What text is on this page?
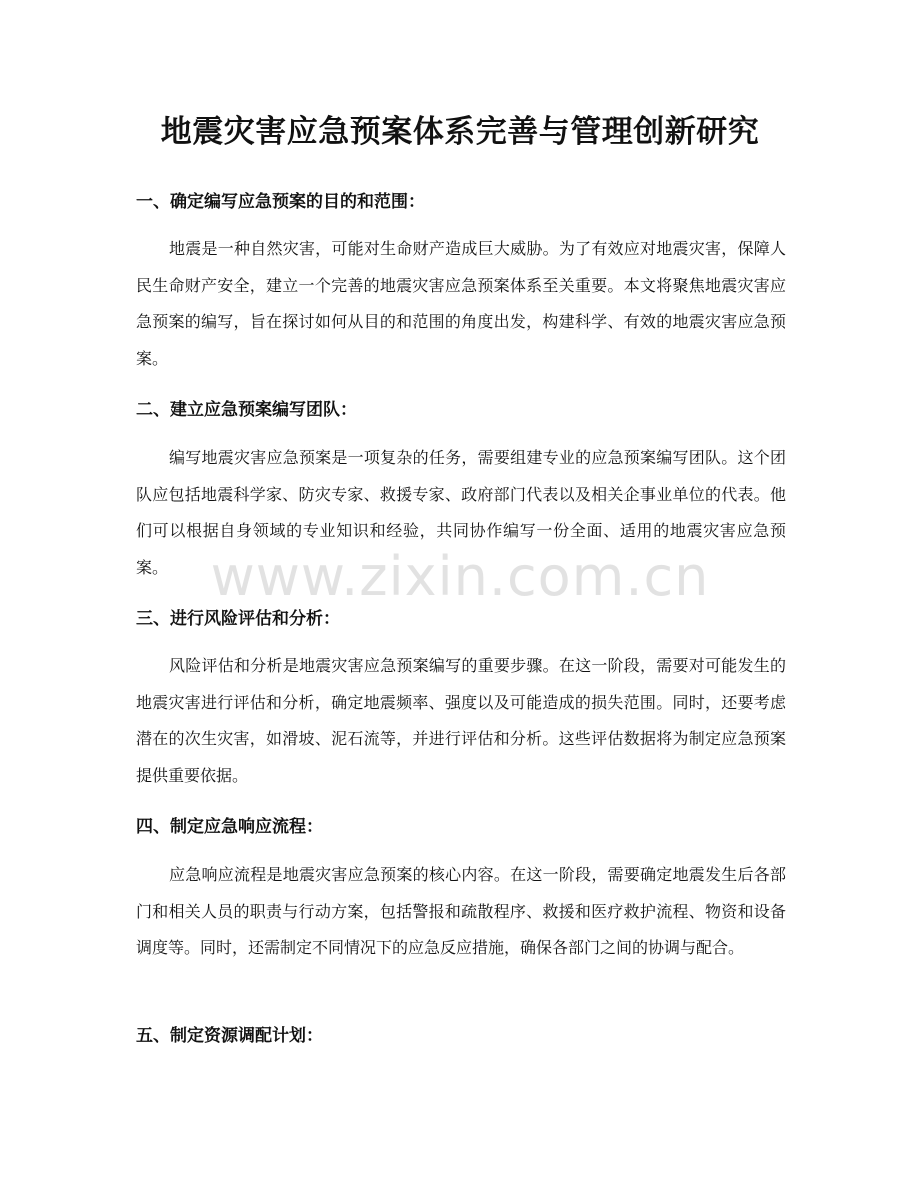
地震灾害应急预案体系完善与管理创新研究
一、确定编写应急预案的目的和范围：

地震是一种自然灾害，可能对生命财产造成巨大威胁。为了有效应对地震灾害，保障人民生命财产安全，建立一个完善的地震灾害应急预案体系至关重要。本文将聚焦地震灾害应急预案的编写，旨在探讨如何从目的和范围的角度出发，构建科学、有效的地震灾害应急预案。

二、建立应急预案编写团队：

编写地震灾害应急预案是一项复杂的任务，需要组建专业的应急预案编写团队。这个团队应包括地震科学家、防灾专家、救援专家、政府部门代表以及相关企事业单位的代表。他们可以根据自身领域的专业知识和经验，共同协作编写一份全面、适用的地震灾害应急预案。

三、进行风险评估和分析：

风险评估和分析是地震灾害应急预案编写的重要步骤。在这一阶段，需要对可能发生的地震灾害进行评估和分析，确定地震频率、强度以及可能造成的损失范围。同时，还要考虑潜在的次生灾害，如滑坡、泥石流等，并进行评估和分析。这些评估数据将为制定应急预案提供重要依据。

四、制定应急响应流程：

应急响应流程是地震灾害应急预案的核心内容。在这一阶段，需要确定地震发生后各部门和相关人员的职责与行动方案，包括警报和疏散程序、救援和医疗救护流程、物资和设备调度等。同时，还需制定不同情况下的应急反应措施，确保各部门之间的协调与配合。

五、制定资源调配计划：
www.zixin.com.cn
